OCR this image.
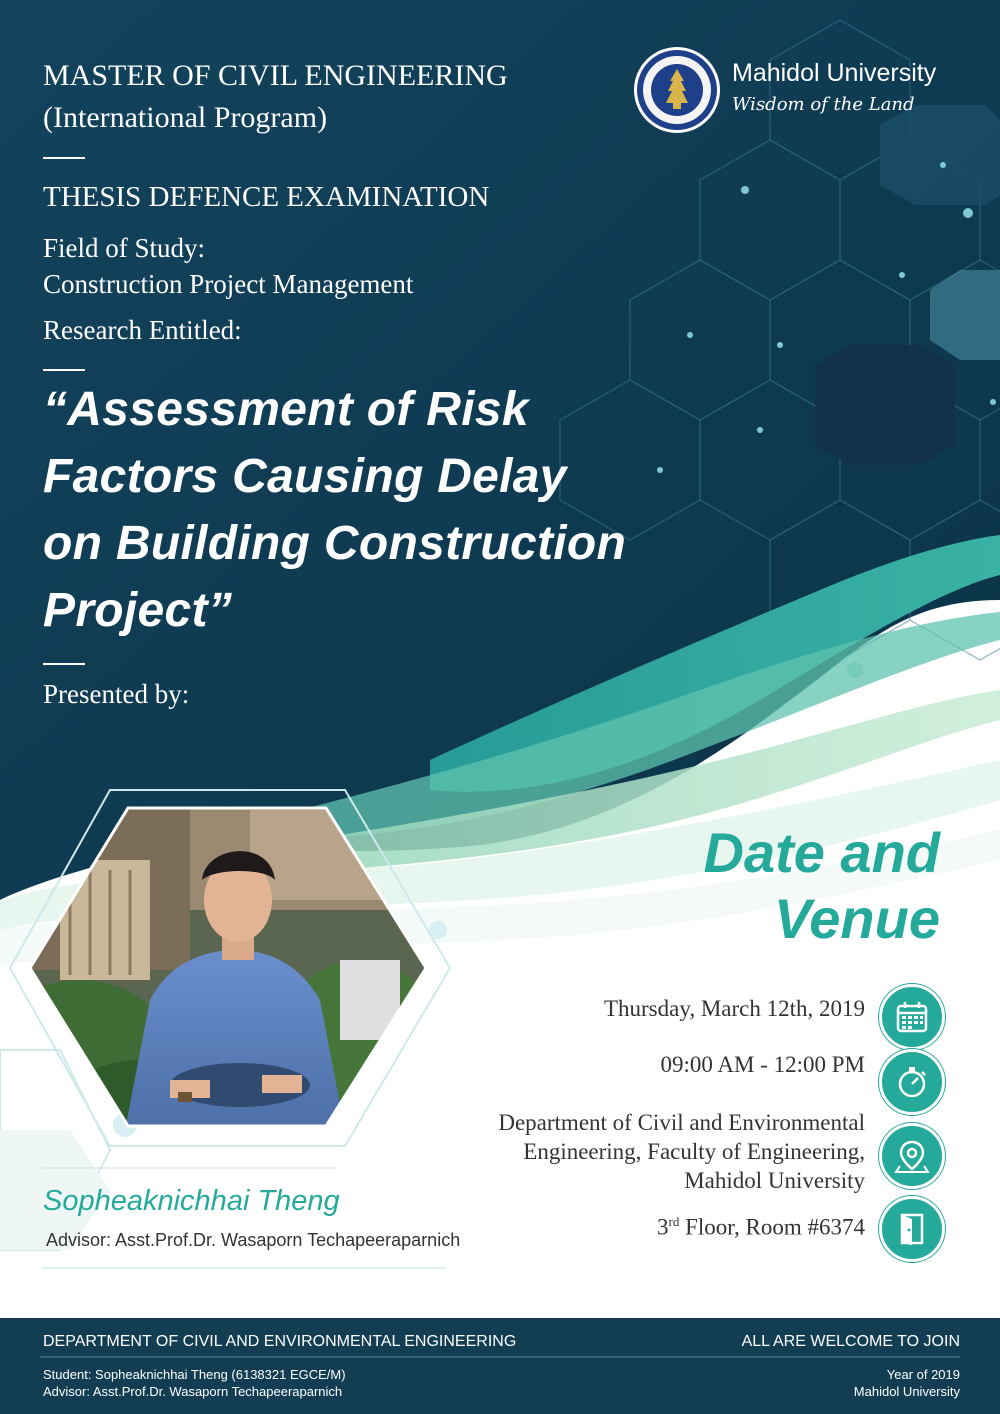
MASTER OF CIVIL ENGINEERING
(International Program)
THESIS DEFENCE EXAMINATION
Field of Study:
Construction Project Management
Research Entitled:
Mahidol University
Wisdom of the Land
“Assessment of Risk
Factors Causing Delay
on Building Construction
Project”
Presented by:
Sopheaknichhai Theng
Advisor: Asst.Prof.Dr. Wasaporn Techapeeraparnich
Date and
Venue
Thursday, March 12th, 2019
09:00 AM - 12:00 PM
Department of Civil and Environmental
Engineering, Faculty of Engineering,
Mahidol University
3rd Floor, Room #6374
DEPARTMENT OF CIVIL AND ENVIRONMENTAL ENGINEERING	ALL ARE WELCOME TO JOIN
Student: Sopheaknichhai Theng (6138321 EGCE/M)
Advisor: Asst.Prof.Dr. Wasaporn Techapeeraparnich
Year of 2019
Mahidol University
